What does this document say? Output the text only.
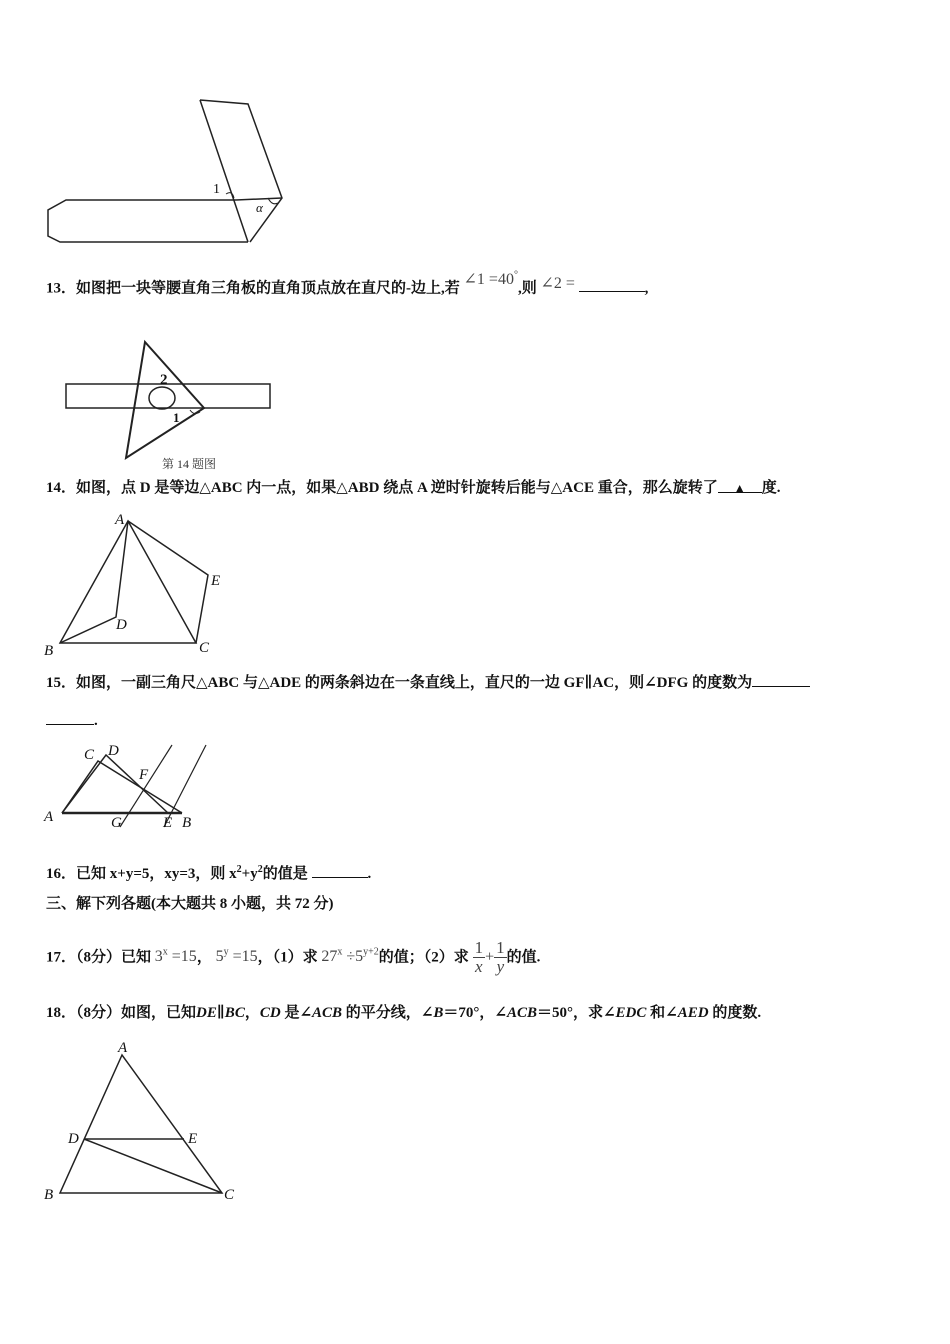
1
α
13．如图把一块等腰直角三角板的直角顶点放在直尺的-边上,若 ∠1 =40°,则 ∠2 =	,
2
1
第 14 题图
14．如图，点 D 是等边△ABC 内一点，如果△ABD 绕点 A 逆时针旋转后能与△ACE 重合，那么旋转了 ▲ 度.
A
B	C
D
E
15．如图，一副三角尺△ABC 与△ADE 的两条斜边在一条直线上，直尺的一边 GF∥AC，则∠DFG 的度数为
.
A
C D
F
G	E B
16．已知 x+y=5，xy=3，则 $x^2+y^2$的值是	.
三、解下列各题(本大题共 8 小题，共 72 分)
17．（8分）已知 $3^x =15$， $5^y =15$，（1）求 $27^x \div 5^{y+2}$的值；（2）求 $\frac{1}{x} + \frac{1}{y}$ 的值.
18．（8分）如图，已知DE∥BC，CD 是∠ACB 的平分线，∠B＝70°，∠ACB＝50°，求∠EDC 和∠AED 的度数.
A
D	E
B	C
